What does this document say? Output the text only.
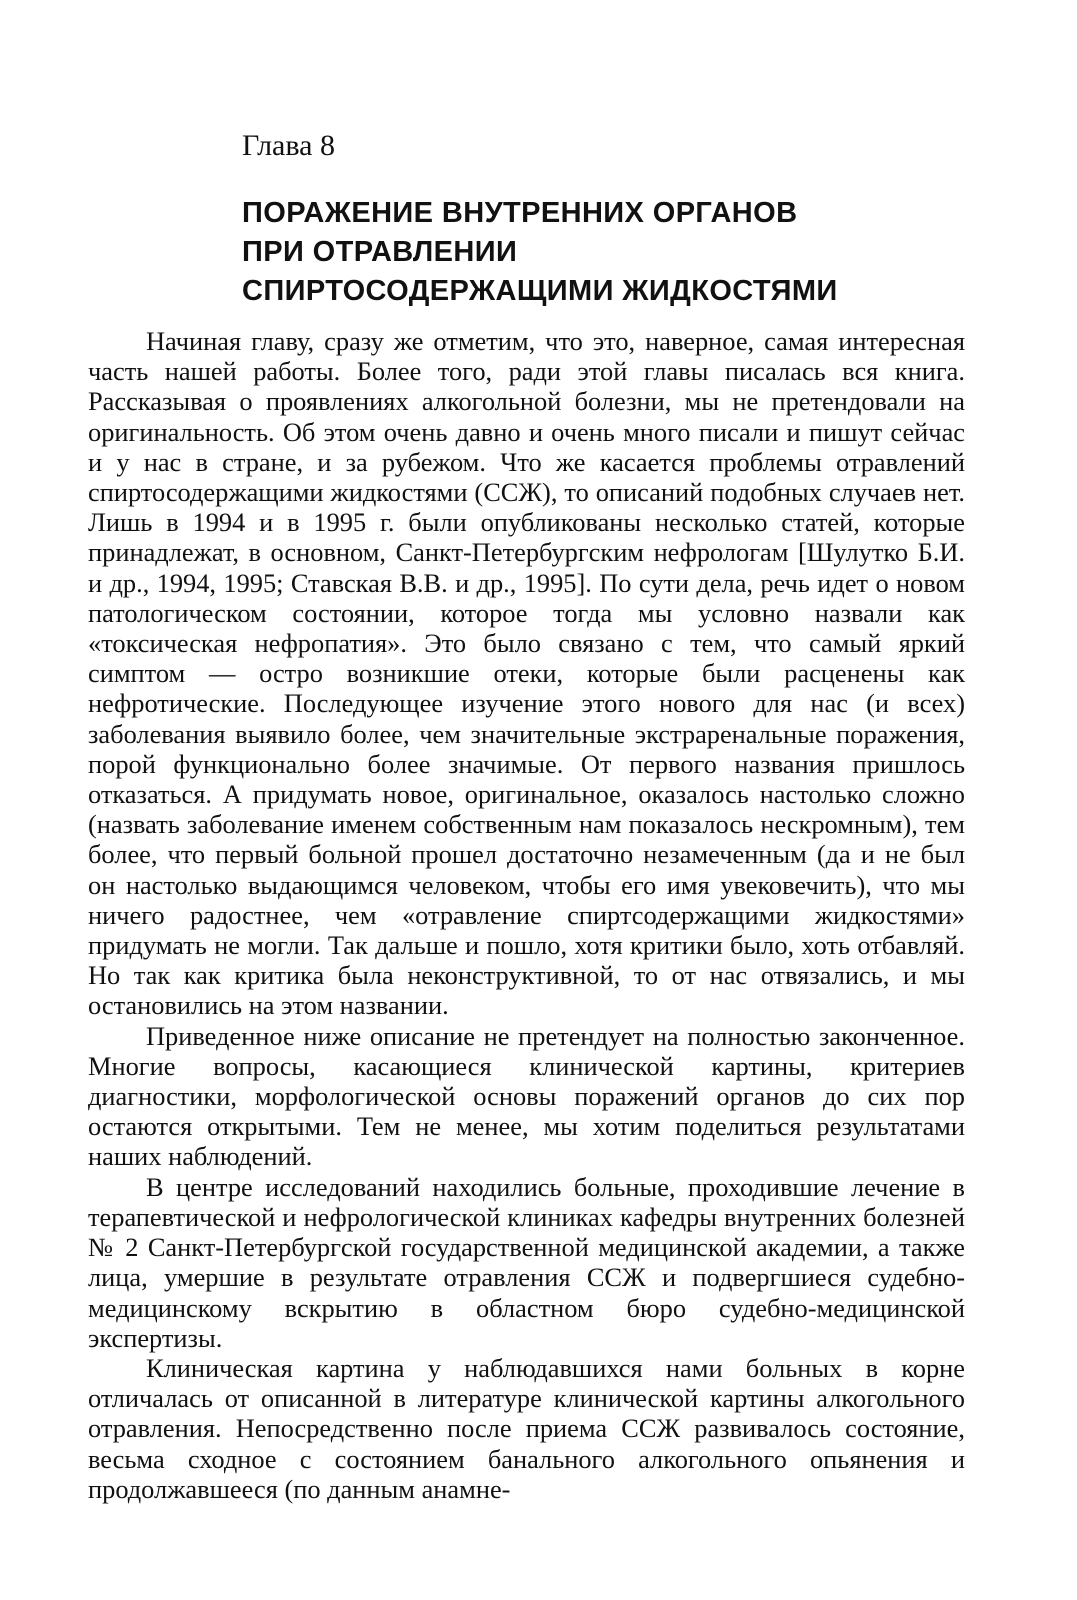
Глава 8
ПОРАЖЕНИЕ ВНУТРЕННИХ ОРГАНОВ
ПРИ ОТРАВЛЕНИИ
СПИРТОСОДЕРЖАЩИМИ ЖИДКОСТЯМИ

Начиная главу, сразу же отметим, что это, наверное, самая интересная часть нашей работы. Более того, ради этой главы писалась вся книга. Рассказывая о проявлениях алкогольной болезни, мы не претендовали на оригинальность. Об этом очень давно и очень много писали и пишут сейчас и у нас в стране, и за рубежом. Что же касается проблемы отравлений спиртосодержащими жидкостями (ССЖ), то описаний подобных случаев нет. Лишь в 1994 и в 1995 г. были опубликованы несколько статей, которые принадлежат, в основном, Санкт-Петербургским нефрологам [Шулутко Б.И. и др., 1994, 1995; Ставская В.В. и др., 1995]. По сути дела, речь идет о новом патологическом состоянии, которое тогда мы условно назвали как «токсическая нефропатия». Это было связано с тем, что самый яркий симптом — остро возникшие отеки, которые были расценены как нефротические. Последующее изучение этого нового для нас (и всех) заболевания выявило более, чем значительные экстраренальные поражения, порой функционально более значимые. От первого названия пришлось отказаться. А придумать новое, оригинальное, оказалось настолько сложно (назвать заболевание именем собственным нам показалось нескромным), тем более, что первый больной прошел достаточно незамеченным (да и не был он настолько выдающимся человеком, чтобы его имя увековечить), что мы ничего радостнее, чем «отравление спиртсодержащими жидкостями» придумать не могли. Так дальше и пошло, хотя критики было, хоть отбавляй. Но так как критика была неконструктивной, то от нас отвязались, и мы остановились на этом названии.

Приведенное ниже описание не претендует на полностью законченное. Многие вопросы, касающиеся клинической картины, критериев диагностики, морфологической основы поражений органов до сих пор остаются открытыми. Тем не менее, мы хотим поделиться результатами наших наблюдений.

В центре исследований находились больные, проходившие лечение в терапевтической и нефрологической клиниках кафедры внутренних болезней № 2 Санкт-Петербургской государственной медицинской академии, а также лица, умершие в результате отравления ССЖ и подвергшиеся судебно-медицинскому вскрытию в областном бюро судебно-медицинской экспертизы.

Клиническая картина у наблюдавшихся нами больных в корне отличалась от описанной в литературе клинической картины алкогольного отравления. Непосредственно после приема ССЖ развивалось состояние, весьма сходное с состоянием банального алкогольного опьянения и продолжавшееся (по данным анамне-
